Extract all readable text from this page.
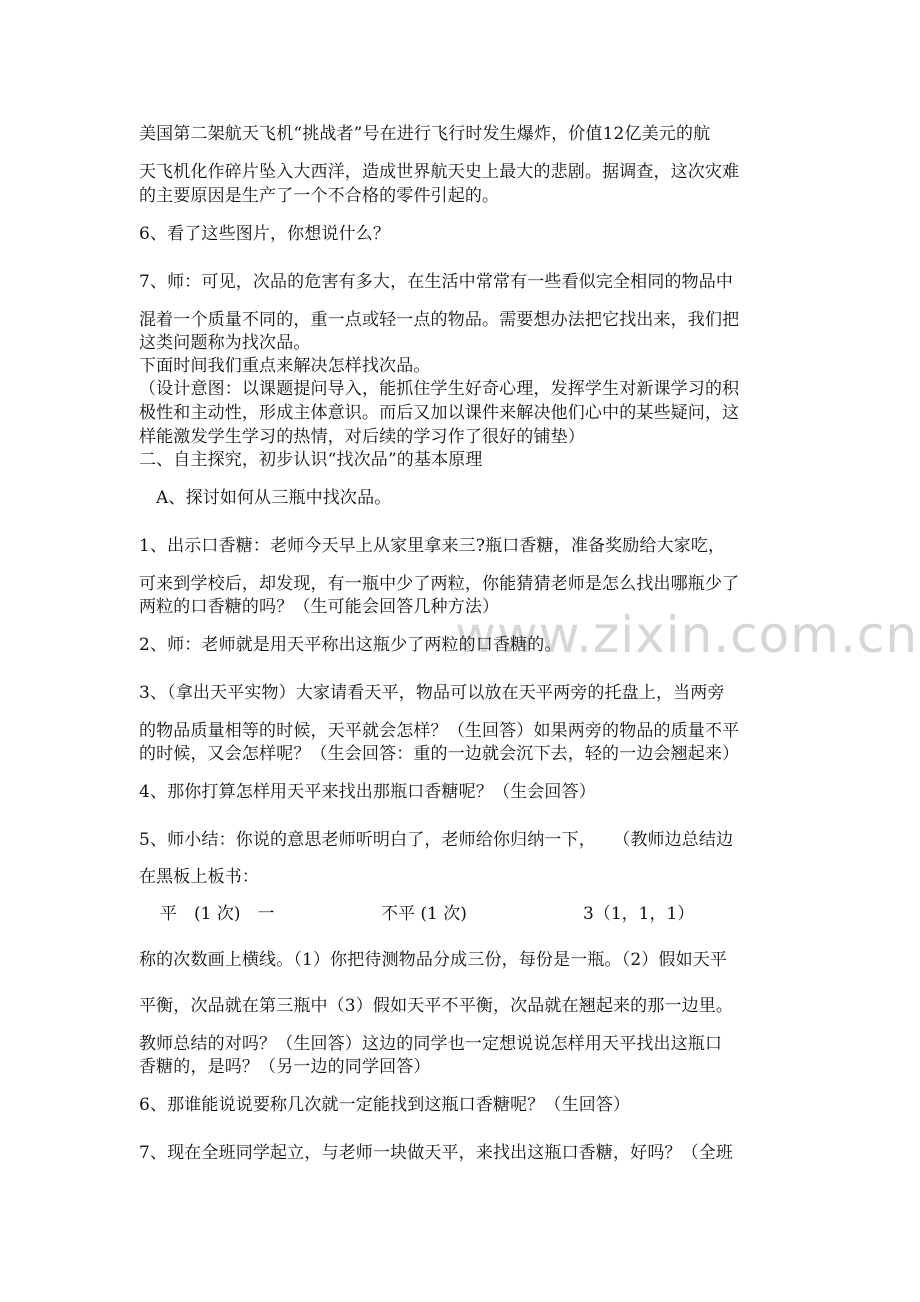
www.zixin.com.cn
美国第二架航天飞机“挑战者”号在进行飞行时发生爆炸，价值12亿美元的航
天飞机化作碎片坠入大西洋，造成世界航天史上最大的悲剧。据调查，这次灾难
的主要原因是生产了一个不合格的零件引起的。
6、看了这些图片，你想说什么？
7、师：可见，次品的危害有多大，在生活中常常有一些看似完全相同的物品中
混着一个质量不同的，重一点或轻一点的物品。需要想办法把它找出来，我们把
这类问题称为找次品。
下面时间我们重点来解决怎样找次品。
（设计意图：以课题提问导入，能抓住学生好奇心理，发挥学生对新课学习的积
极性和主动性，形成主体意识。而后又加以课件来解决他们心中的某些疑问，这
样能激发学生学习的热情，对后续的学习作了很好的铺垫）
二、自主探究，初步认识“找次品”的基本原理
A、探讨如何从三瓶中找次品。
1、出示口香糖：老师今天早上从家里拿来三?瓶口香糖，准备奖励给大家吃，
可来到学校后，却发现，有一瓶中少了两粒，你能猜猜老师是怎么找出哪瓶少了
两粒的口香糖的吗？（生可能会回答几种方法）
2、师：老师就是用天平称出这瓶少了两粒的口香糖的。
3、（拿出天平实物）大家请看天平，物品可以放在天平两旁的托盘上，当两旁
的物品质量相等的时候，天平就会怎样？（生回答）如果两旁的物品的质量不平
的时候，又会怎样呢？（生会回答：重的一边就会沉下去，轻的一边会翘起来）
4、那你打算怎样用天平来找出那瓶口香糖呢？（生会回答）
5、师小结：你说的意思老师听明白了，老师给你归纳一下，　　（教师边总结边
在黑板上板书：
平　(1 次)　一	不平 (1 次)	3（1，1，1）
称的次数画上横线。（1）你把待测物品分成三份，每份是一瓶。（2）假如天平
平衡，次品就在第三瓶中（3）假如天平不平衡，次品就在翘起来的那一边里。
教师总结的对吗？（生回答）这边的同学也一定想说说怎样用天平找出这瓶口
香糖的，是吗？（另一边的同学回答）
6、那谁能说说要称几次就一定能找到这瓶口香糖呢？（生回答）
7、现在全班同学起立，与老师一块做天平，来找出这瓶口香糖，好吗？（全班
